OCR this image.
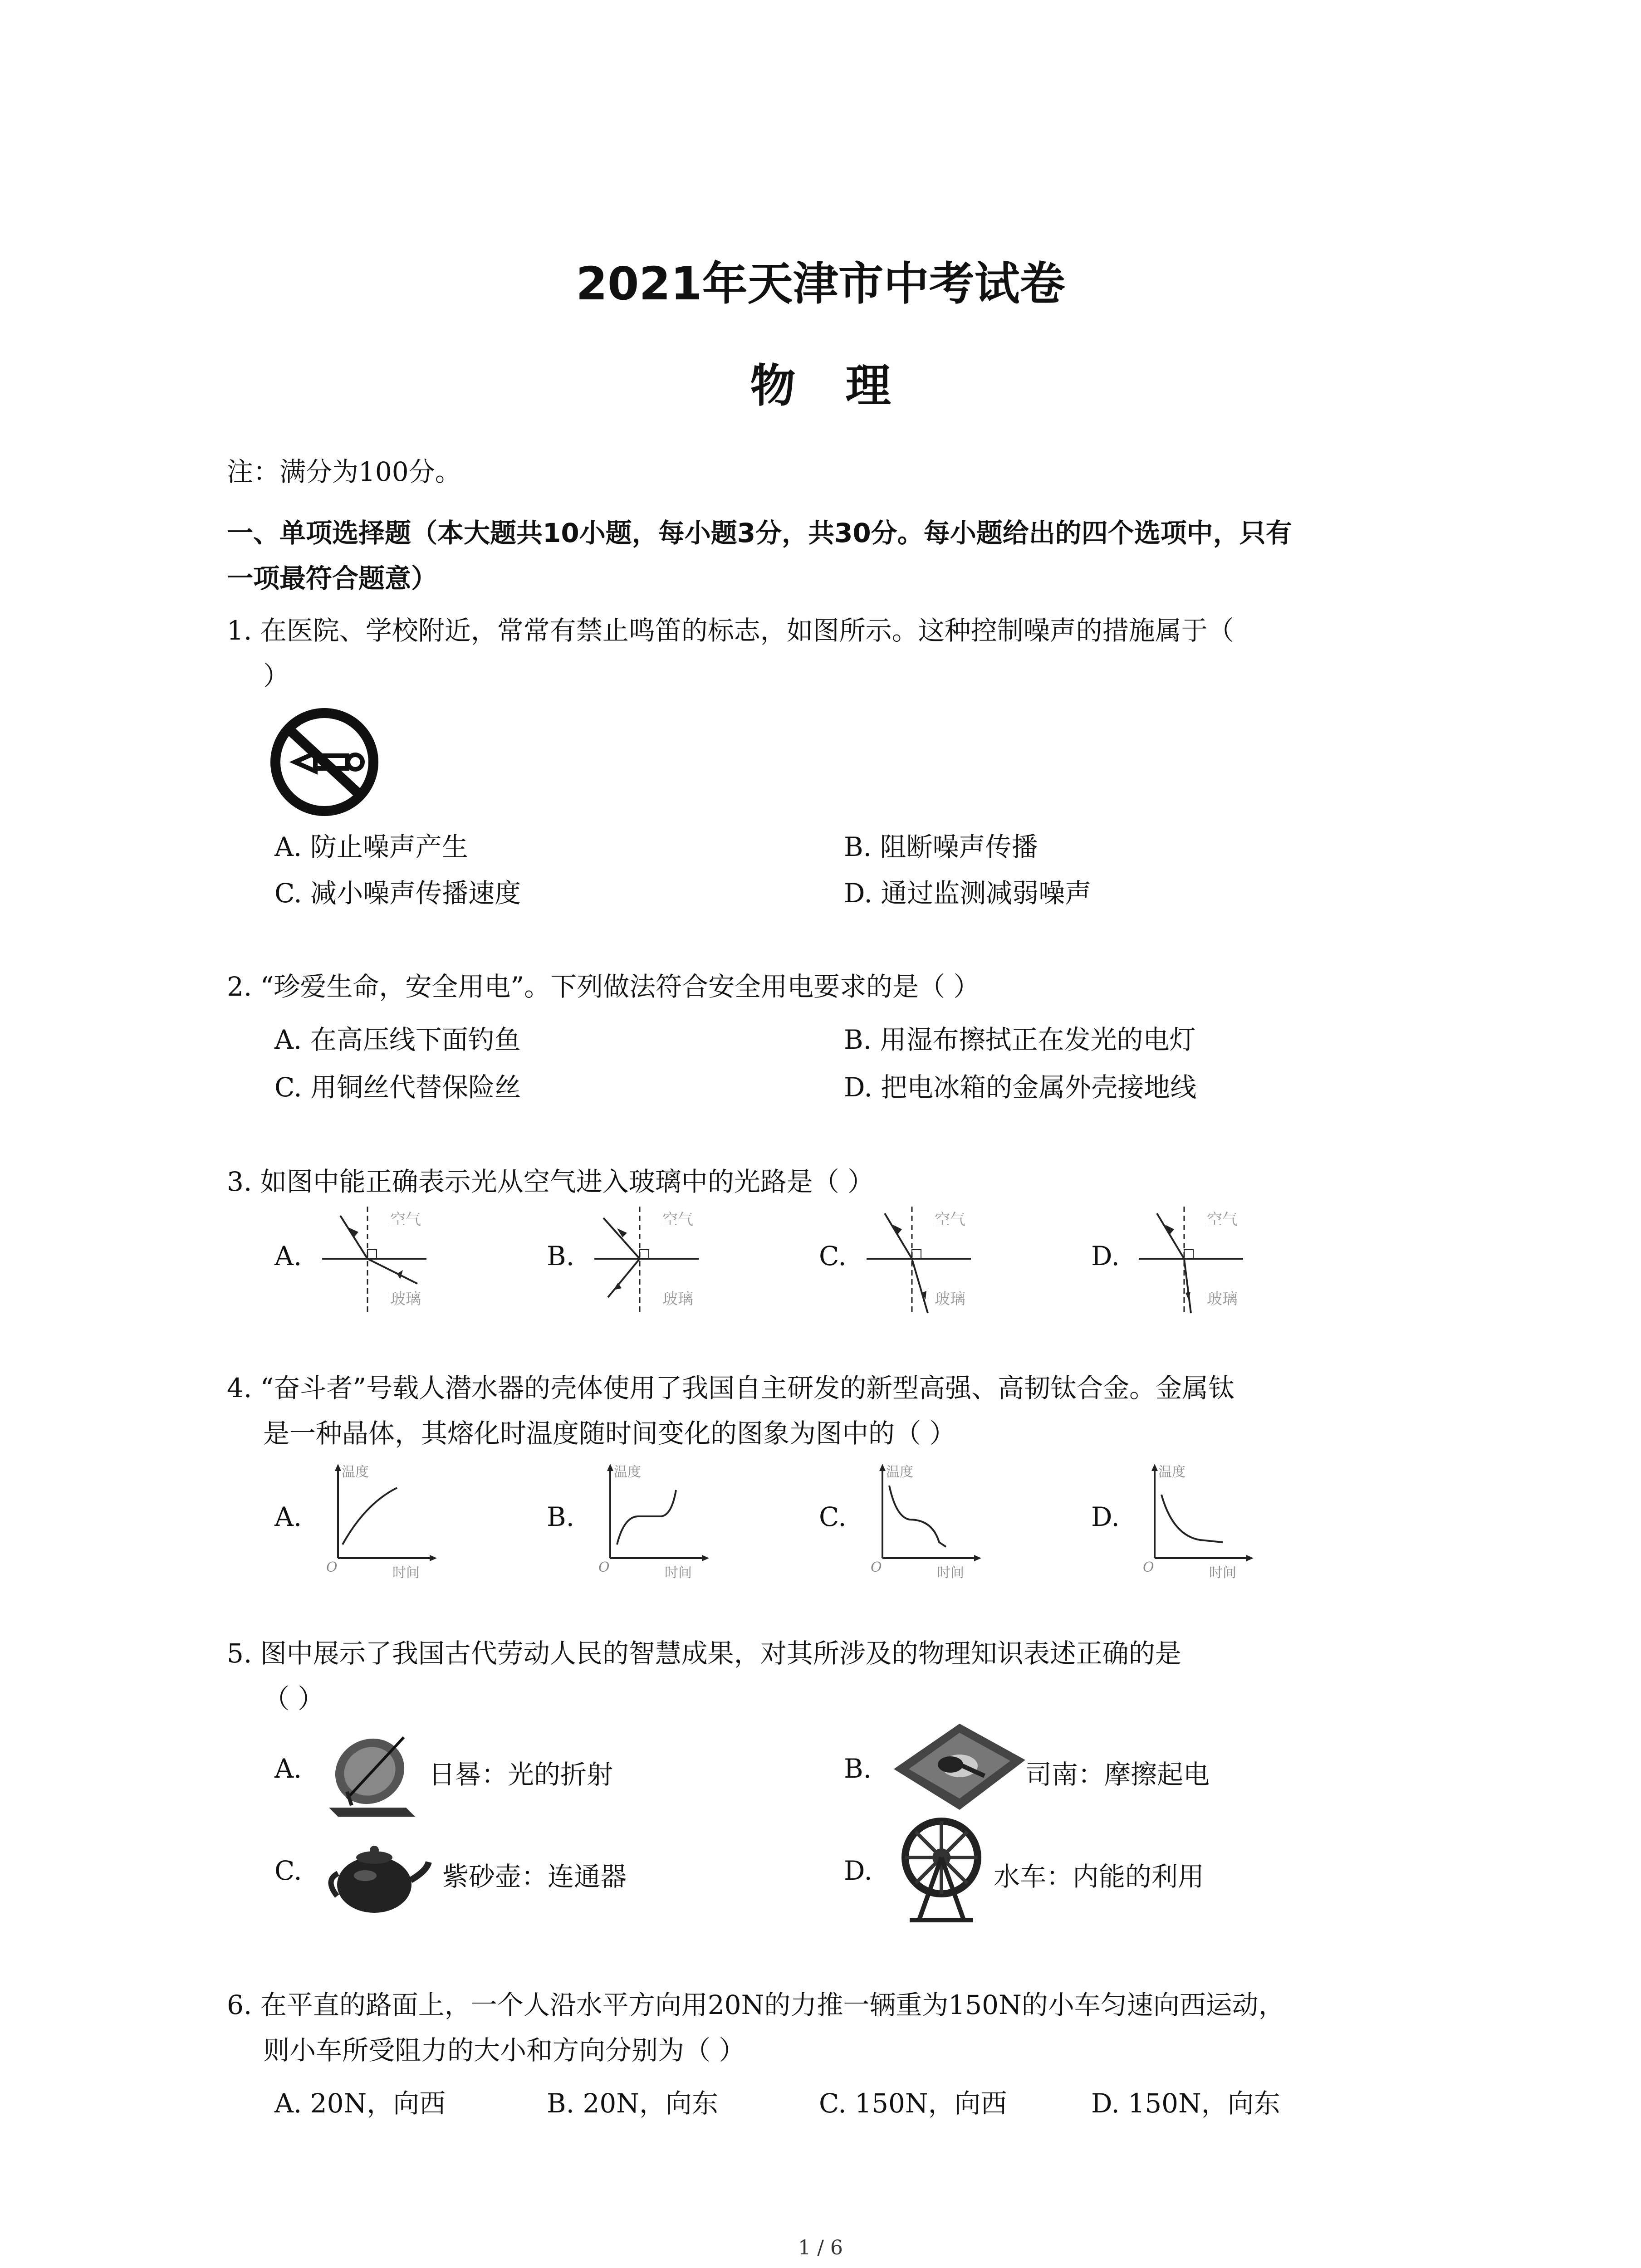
2021年天津市中考试卷
物理
注：满分为100分。
一、单项选择题（本大题共10小题，每小题3分，共30分。每小题给出的四个选项中，只有
一项最符合题意）
1. 在医院、学校附近，常常有禁止鸣笛的标志，如图所示。这种控制噪声的措施属于（
）
A. 防止噪声产生	B. 阻断噪声传播
C. 减小噪声传播速度	D. 通过监测减弱噪声
2. “珍爱生命，安全用电”。下列做法符合安全用电要求的是（ ）
A. 在高压线下面钓鱼	B. 用湿布擦拭正在发光的电灯
C. 用铜丝代替保险丝	D. 把电冰箱的金属外壳接地线
3. 如图中能正确表示光从空气进入玻璃中的光路是（ ）
A.
空气
玻璃
B.
空气
玻璃
C.
空气
玻璃
D.
空气
玻璃
4. “奋斗者”号载人潜水器的壳体使用了我国自主研发的新型高强、高韧钛合金。金属钛
是一种晶体，其熔化时温度随时间变化的图象为图中的（ ）
A.
温度
时间
O
B.
温度
时间
O
C.
温度
时间
O
D.
温度
时间
O
5. 图中展示了我国古代劳动人民的智慧成果，对其所涉及的物理知识表述正确的是
（ ）
A.	日晷：光的折射	B.	司南：摩擦起电
C.	紫砂壶：连通器	D.	水车：内能的利用
6. 在平直的路面上，一个人沿水平方向用20N的力推一辆重为150N的小车匀速向西运动，
则小车所受阻力的大小和方向分别为（ ）
A. 20N，向西	B. 20N，向东	C. 150N，向西	D. 150N，向东
1 / 6
